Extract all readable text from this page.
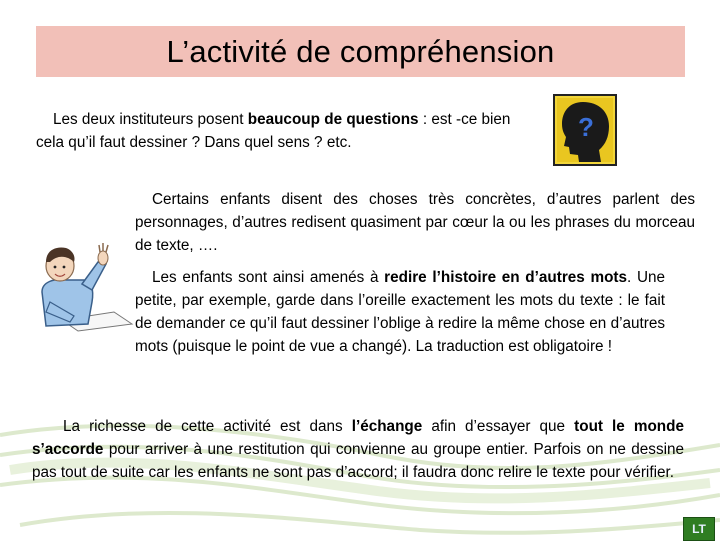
L’activité de compréhension

Les deux instituteurs posent beaucoup de questions : est -ce bien cela qu’il faut dessiner ? Dans quel sens ? etc.

?

Certains enfants disent des choses très concrètes, d’autres parlent des personnages, d’autres redisent quasiment par cœur la ou les phrases du morceau de texte, ….

Les enfants sont ainsi amenés à redire l’histoire en d’autres mots. Une petite, par exemple, garde dans l’oreille exactement les mots du texte : le fait de demander ce qu’il faut dessiner l’oblige à redire la même chose en d’autres mots (puisque le point de vue a changé). La traduction est obligatoire !

La richesse de cette activité est dans l’échange afin d’essayer que tout le monde s’accorde pour arriver à une restitution qui convienne au groupe entier. Parfois on ne dessine pas tout de suite car les enfants ne sont pas d’accord; il faudra donc relire le texte pour vérifier.

LT
